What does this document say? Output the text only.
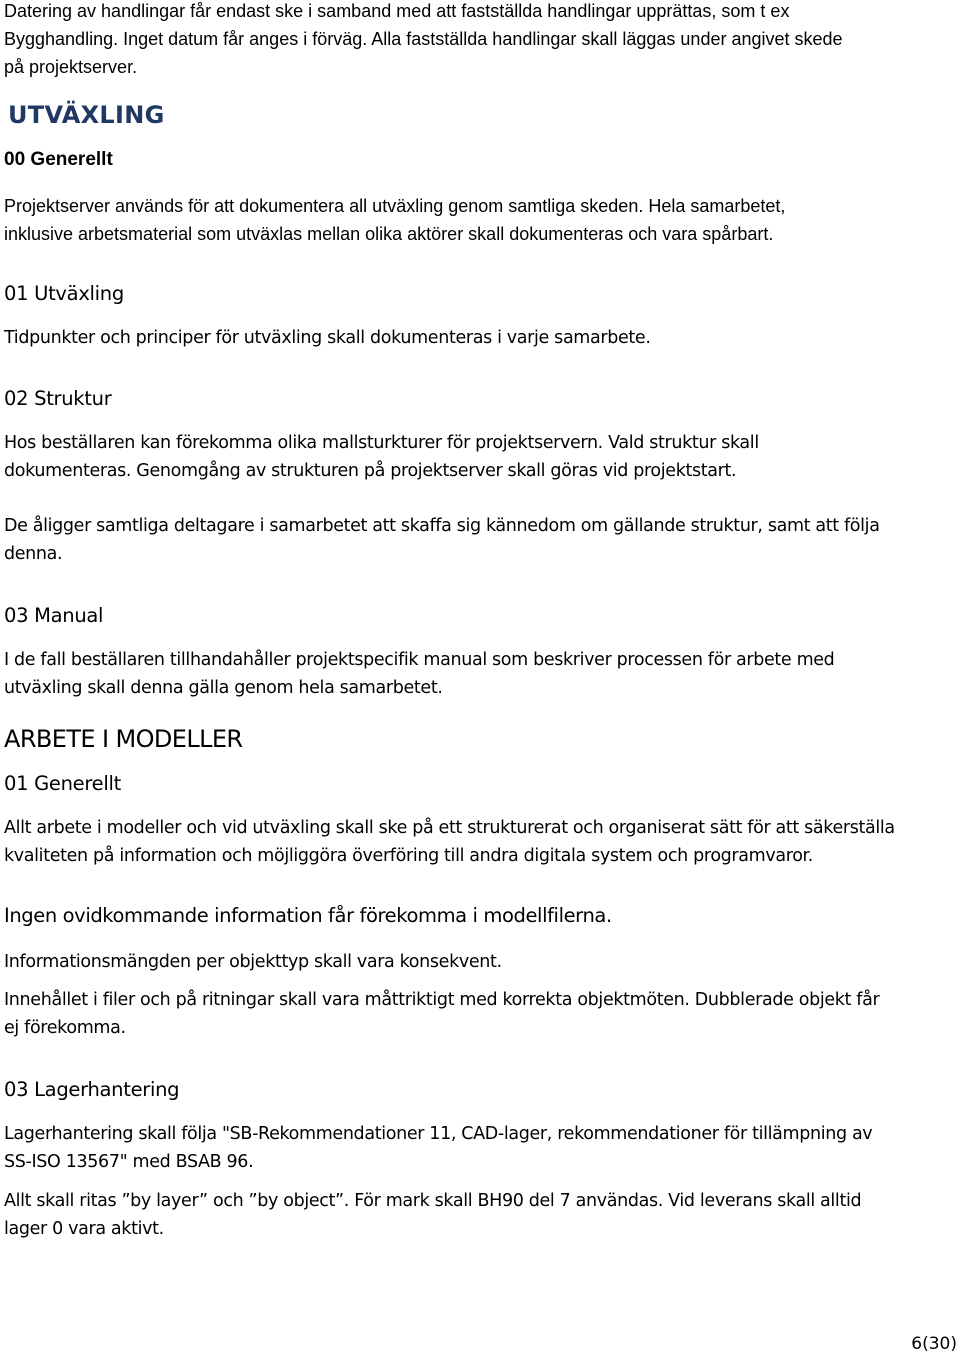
Datering av handlingar får endast ske i samband med att fastställda handlingar upprättas, som t ex
Bygghandling. Inget datum får anges i förväg. Alla fastställda handlingar skall läggas under angivet skede
på projektserver.

UTVÄXLING
00 Generellt

Projektserver används för att dokumentera all utväxling genom samtliga skeden. Hela samarbetet,
inklusive arbetsmaterial som utväxlas mellan olika aktörer skall dokumenteras och vara spårbart.

01 Utväxling

Tidpunkter och principer för utväxling skall dokumenteras i varje samarbete.

02 Struktur

Hos beställaren kan förekomma olika mallsturkturer för projektservern. Vald struktur skall
dokumenteras. Genomgång av strukturen på projektserver skall göras vid projektstart.

De åligger samtliga deltagare i samarbetet att skaffa sig kännedom om gällande struktur, samt att följa
denna.

03 Manual

I de fall beställaren tillhandahåller projektspecifik manual som beskriver processen för arbete med
utväxling skall denna gälla genom hela samarbetet.

ARBETE I MODELLER
01 Generellt

Allt arbete i modeller och vid utväxling skall ske på ett strukturerat och organiserat sätt för att säkerställa
kvaliteten på information och möjliggöra överföring till andra digitala system och programvaror.

Ingen ovidkommande information får förekomma i modellfilerna.

Informationsmängden per objekttyp skall vara konsekvent.

Innehållet i filer och på ritningar skall vara måttriktigt med korrekta objektmöten. Dubblerade objekt får
ej förekomma.

03 Lagerhantering

Lagerhantering skall följa "SB-Rekommendationer 11, CAD-lager, rekommendationer för tillämpning av
SS-ISO 13567" med BSAB 96.

Allt skall ritas ”by layer” och ”by object”. För mark skall BH90 del 7 användas. Vid leverans skall alltid
lager 0 vara aktivt.

6(30)
